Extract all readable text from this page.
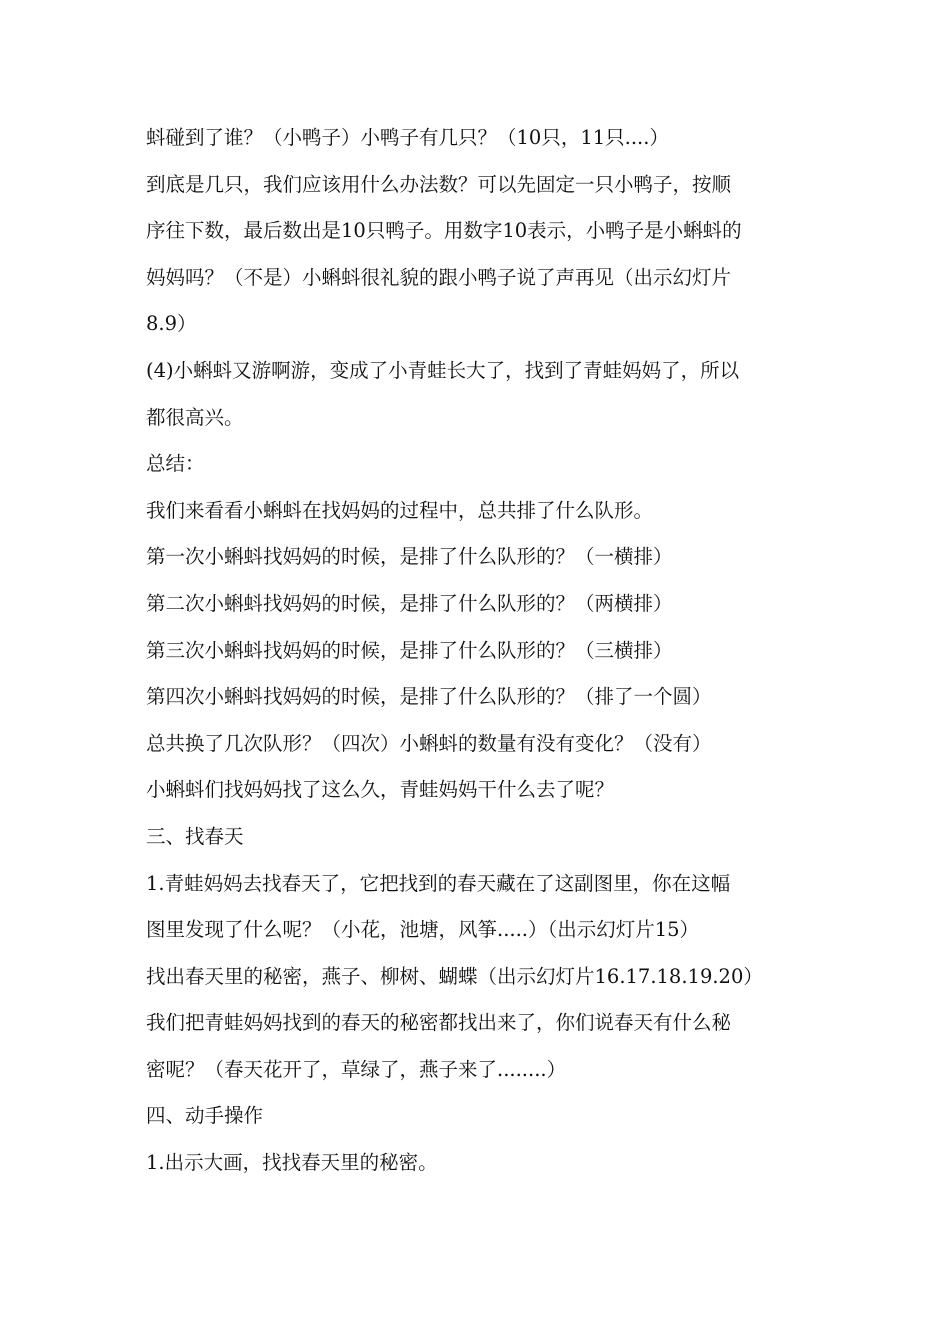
蚪碰到了谁？（小鸭子）小鸭子有几只？（10只，11只....）
到底是几只，我们应该用什么办法数？可以先固定一只小鸭子，按顺
序往下数，最后数出是10只鸭子。用数字10表示，小鸭子是小蝌蚪的
妈妈吗？（不是）小蝌蚪很礼貌的跟小鸭子说了声再见（出示幻灯片
8.9）
(4)小蝌蚪又游啊游，变成了小青蛙长大了，找到了青蛙妈妈了，所以
都很高兴。
总结：
我们来看看小蝌蚪在找妈妈的过程中，总共排了什么队形。
第一次小蝌蚪找妈妈的时候，是排了什么队形的？（一横排）
第二次小蝌蚪找妈妈的时候，是排了什么队形的？（两横排）
第三次小蝌蚪找妈妈的时候，是排了什么队形的？（三横排）
第四次小蝌蚪找妈妈的时候，是排了什么队形的？（排了一个圆）
总共换了几次队形？（四次）小蝌蚪的数量有没有变化？（没有）
小蝌蚪们找妈妈找了这么久，青蛙妈妈干什么去了呢？
三、找春天
1.青蛙妈妈去找春天了，它把找到的春天藏在了这副图里，你在这幅
图里发现了什么呢？（小花，池塘，风筝.....）（出示幻灯片15）
找出春天里的秘密，燕子、柳树、蝴蝶（出示幻灯片16.17.18.19.20）
我们把青蛙妈妈找到的春天的秘密都找出来了，你们说春天有什么秘
密呢？（春天花开了，草绿了，燕子来了........）
四、动手操作
1.出示大画，找找春天里的秘密。
